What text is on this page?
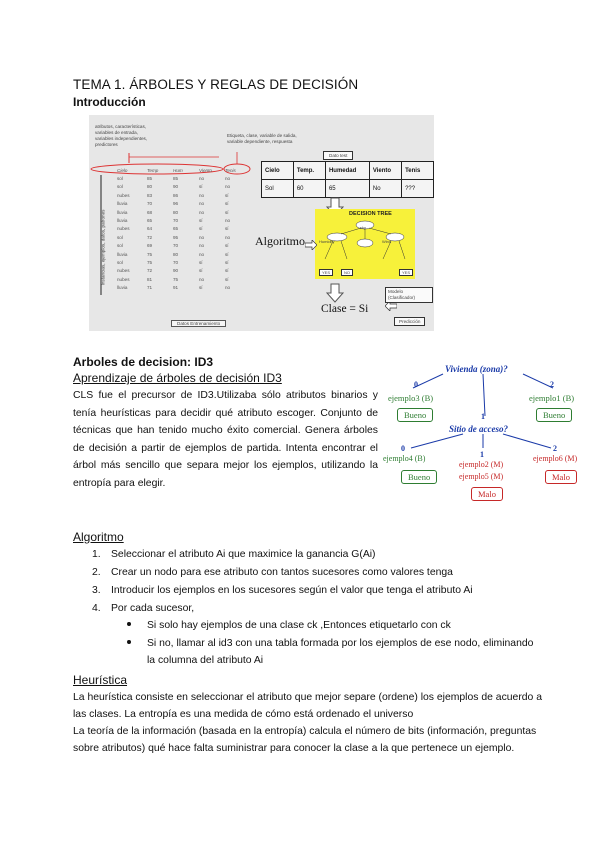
TEMA 1. ÁRBOLES Y REGLAS DE DECISIÓN
Introducción
atributos, características, variables de entrada, variables independientes, predictores
Etiqueta, clase, variable de salida, variable dependiente, respuesta
Instancias, ejemplos, datos, patrones
Cielo	Temp	Hum	Viento	Tenis
sol	85	85	no	no
sol	80	90	sí	no
nubes	83	86	no	sí
lluvia	70	96	no	sí
lluvia	68	80	no	sí
lluvia	65	70	sí	no
nubes	64	65	sí	sí
sol	72	95	no	no
sol	69	70	no	sí
lluvia	75	80	no	sí
sol	75	70	sí	sí
nubes	72	90	sí	sí
nubes	81	75	no	sí
lluvia	71	91	sí	no
Datos Entrenamiento
Dato test
Cielo	Temp.	Humedad	Viento	Tenis
Sol	60	65	No	???
DECISION TREE
Humidity	Wind
sky
YES	NO	YES
Algoritmo
Clase = Si
Modelo (Clasificador)
Predicción
Arboles de decision: ID3
Aprendizaje de árboles de decisión ID3
CLS fue el precursor de ID3.Utilizaba sólo atributos binarios y tenía heurísticas para decidir qué atributo escoger. Conjunto de técnicas que han tenido mucho éxito comercial. Genera árboles de decisión a partir de ejemplos de partida. Intenta encontrar el árbol más sencillo que separa mejor los ejemplos, utilizando la entropía para elegir.
Vivienda (zona)?
0
1
2
ejemplo3 (B)
Bueno
ejemplo1 (B)
Bueno
Sitio de acceso?
0
1
2
ejemplo4 (B)
Bueno
ejemplo2 (M)
ejemplo5 (M)
Malo
ejemplo6 (M)
Malo
Algoritmo
1. Seleccionar el atributo Ai que maximice la ganancia G(Ai)
2. Crear un nodo para ese atributo con tantos sucesores como valores tenga
3. Introducir los ejemplos en los sucesores según el valor que tenga el atributo Ai
4. Por cada sucesor,
Si solo hay ejemplos de una clase ck ,Entonces etiquetarlo con ck
Si no, llamar al id3 con una tabla formada por los ejemplos de ese nodo, eliminando
la columna del atributo Ai
Heurística
La heurística consiste en seleccionar el atributo que mejor separe (ordene) los ejemplos de acuerdo a
las clases. La entropía es una medida de cómo está ordenado el universo
La teoría de la información (basada en la entropía) calcula el número de bits (información, preguntas
sobre atributos) qué hace falta suministrar para conocer la clase a la que pertenece un ejemplo.
